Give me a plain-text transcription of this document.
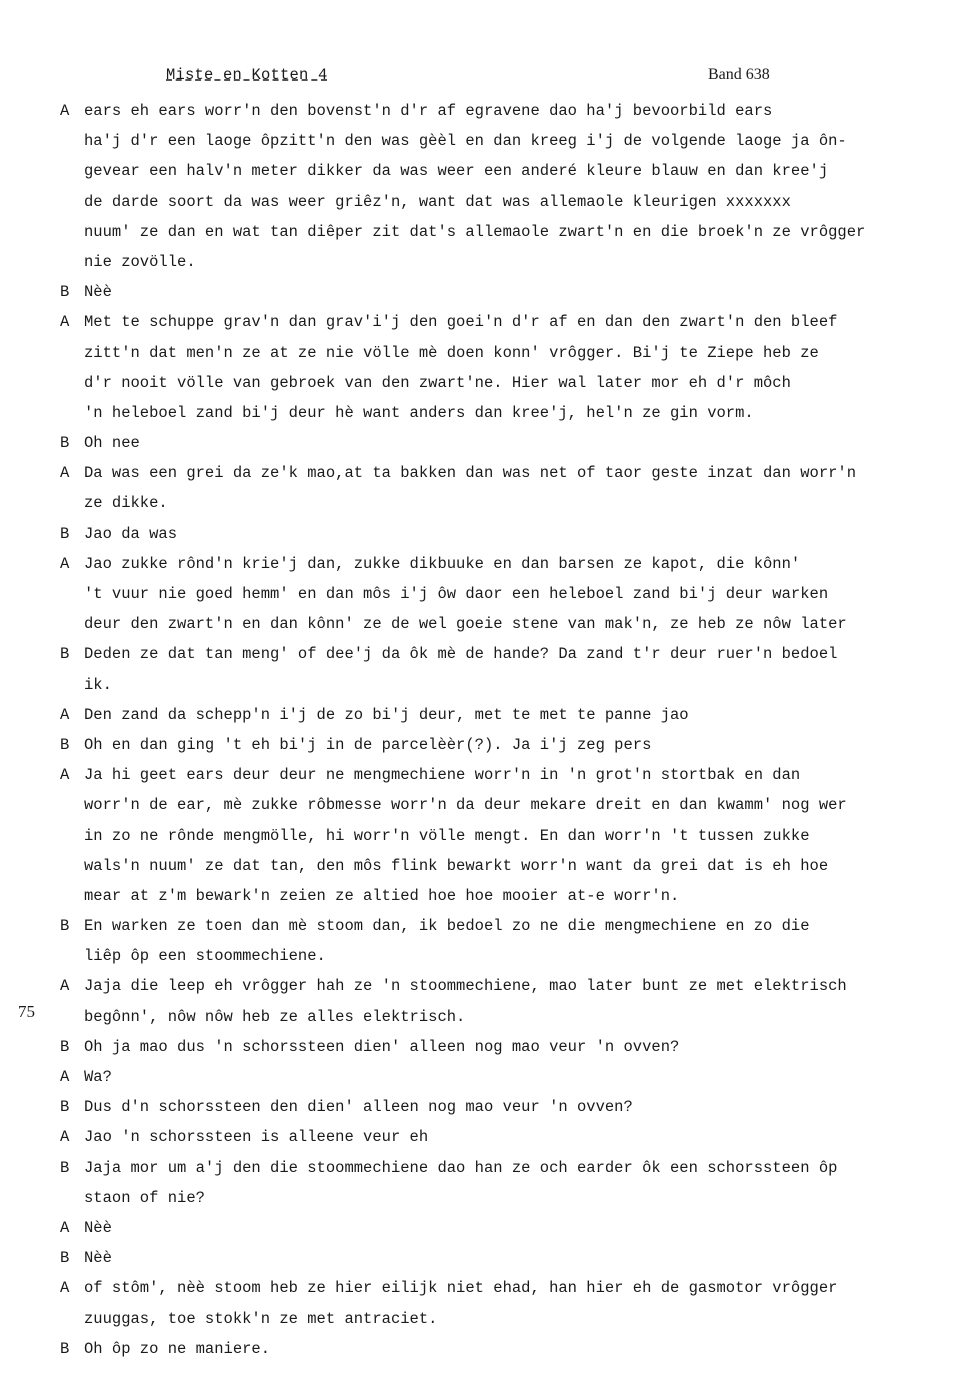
Miste en Kotten 4	Band 638
A ears eh ears worr'n den bovenst'n d'r af egravene dao ha'j bevoorbild ears
ha'j d'r een laoge ôpzitt'n den was gèèl en dan kreeg i'j de volgende laoge ja ôn-
gevear een halv'n meter dikker da was weer een anderé kleure blauw en dan kree'j
de darde soort da was weer griêz'n, want dat was allemaole kleurigen xxxxxxx
nuum' ze dan en wat tan diêper zit dat's allemaole zwart'n en die broek'n ze vrôgger
nie zovölle.
B Nèè
A Met te schuppe grav'n dan grav'i'j den goei'n d'r af en dan den zwart'n den bleef
zitt'n dat men'n ze at ze nie völle mè doen konn' vrôgger. Bi'j te Ziepe heb ze
d'r nooit völle van gebroek van den zwart'ne. Hier wal later mor eh d'r môch
'n heleboel zand bi'j deur hè want anders dan kree'j, hel'n ze gin vorm.
B Oh nee
A Da was een grei da ze'k mao,at ta bakken dan was net of taor geste inzat dan worr'n
ze dikke.
B Jao da was
A Jao zukke rônd'n krie'j dan, zukke dikbuuke en dan barsen ze kapot, die kônn'
't vuur nie goed hemm' en dan môs i'j ôw daor een heleboel zand bi'j deur warken
deur den zwart'n en dan kônn' ze de wel goeie stene van mak'n, ze heb ze nôw later
B Deden ze dat tan meng' of dee'j da ôk mè de hande? Da zand t'r deur ruer'n bedoel
ik.
A Den zand da schepp'n i'j de zo bi'j deur, met te met te panne jao
B Oh en dan ging 't eh bi'j in de parcelèèr(?). Ja i'j zeg pers
A Ja hi geet ears deur deur ne mengmechiene worr'n in 'n grot'n stortbak en dan
worr'n de ear, mè zukke rôbmesse worr'n da deur mekare dreit en dan kwamm' nog wer
in zo ne rônde mengmölle, hi worr'n völle mengt. En dan worr'n 't tussen zukke
wals'n nuum' ze dat tan, den môs flink bewarkt worr'n want da grei dat is eh hoe
mear at z'm bewark'n zeien ze altied hoe hoe mooier at-e worr'n.
B En warken ze toen dan mè stoom dan, ik bedoel zo ne die mengmechiene en zo die
liêp ôp een stoommechiene.
A Jaja die leep eh vrôgger hah ze 'n stoommechiene, mao later bunt ze met elektrisch
begônn', nôw nôw heb ze alles elektrisch.
B Oh ja mao dus 'n schorssteen dien' alleen nog mao veur 'n ovven?
A Wa?
B Dus d'n schorssteen den dien' alleen nog mao veur 'n ovven?
A Jao 'n schorssteen is alleene veur eh
B Jaja mor um a'j den die stoommechiene dao han ze och earder ôk een schorssteen ôp
staon of nie?
A Nèè
B Nèè
A of stôm', nèè stoom heb ze hier eilijk niet ehad, han hier eh de gasmotor vrôgger
zuuggas, toe stokk'n ze met antraciet.
B Oh ôp zo ne maniere.
75
